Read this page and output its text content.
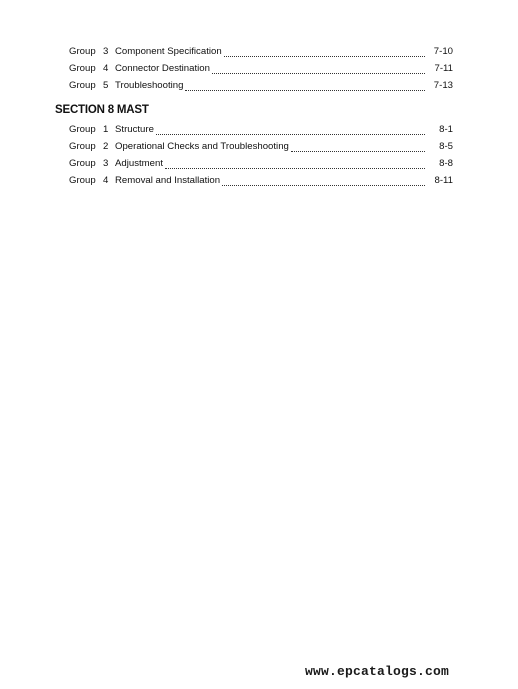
Group 3 Component Specification	7-10
Group 4 Connector Destination	7-11
Group 5 Troubleshooting	7-13
SECTION 8 MAST
Group 1 Structure	8-1
Group 2 Operational Checks and Troubleshooting	8-5
Group 3 Adjustment	8-8
Group 4 Removal and Installation	8-11
www.epcatalogs.com
